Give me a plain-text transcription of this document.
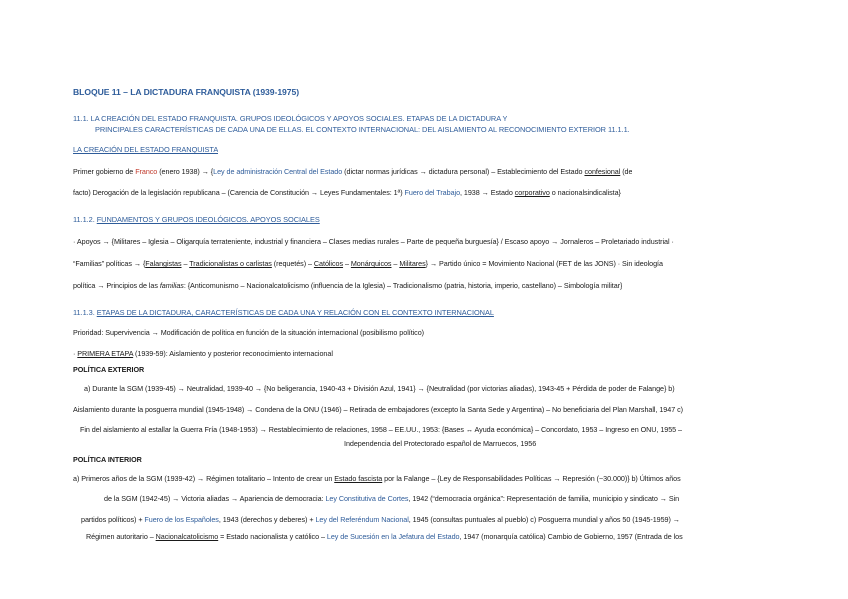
BLOQUE 11 – LA DICTADURA FRANQUISTA (1939-1975)
11.1. LA CREACIÓN DEL ESTADO FRANQUISTA. GRUPOS IDEOLÓGICOS Y APOYOS SOCIALES. ETAPAS DE LA DICTADURA Y
PRINCIPALES CARACTERÍSTICAS DE CADA UNA DE ELLAS. EL CONTEXTO INTERNACIONAL: DEL AISLAMIENTO AL RECONOCIMIENTO EXTERIOR 11.1.1.
LA CREACIÓN DEL ESTADO FRANQUISTA
Primer gobierno de Franco (enero 1938) → {Ley de administración Central del Estado (dictar normas jurídicas → dictadura personal) – Establecimiento del Estado confesional (de
facto) Derogación de la legislación republicana – (Carencia de Constitución → Leyes Fundamentales: 1ª) Fuero del Trabajo, 1938 → Estado corporativo o nacionalsindicalista}
11.1.2. FUNDAMENTOS Y GRUPOS IDEOLÓGICOS. APOYOS SOCIALES
· Apoyos → {Militares – Iglesia – Oligarquía terrateniente, industrial y financiera – Clases medias rurales – Parte de pequeña burguesía} / Escaso apoyo → Jornaleros – Proletariado industrial ·
“Familias” políticas → {Falangistas – Tradicionalistas o carlistas (requetés) – Católicos – Monárquicos – Militares} → Partido único = Movimiento Nacional (FET de las JONS) · Sin ideología
política → Principios de las familias: {Anticomunismo – Nacionalcatolicismo (influencia de la Iglesia) – Tradicionalismo (patria, historia, imperio, castellano) – Simbología militar}
11.1.3. ETAPAS DE LA DICTADURA, CARACTERÍSTICAS DE CADA UNA Y RELACIÓN CON EL CONTEXTO INTERNACIONAL
Prioridad: Supervivencia → Modificación de política en función de la situación internacional (posibilismo político)
· PRIMERA ETAPA (1939-59): Aislamiento y posterior reconocimiento internacional
POLÍTICA EXTERIOR
a) Durante la SGM (1939-45) → Neutralidad, 1939-40 → {No beligerancia, 1940-43 + División Azul, 1941} → {Neutralidad (por victorias aliadas), 1943-45 + Pérdida de poder de Falange} b)
Aislamiento durante la posguerra mundial (1945-1948) → Condena de la ONU (1946) – Retirada de embajadores (excepto la Santa Sede y Argentina) – No beneficiaria del Plan Marshall, 1947 c)
Fin del aislamiento al estallar la Guerra Fría (1948-1953) → Restablecimiento de relaciones, 1958 – EE.UU., 1953: {Bases ↔ Ayuda económica} – Concordato, 1953 – Ingreso en ONU, 1955 –
Independencia del Protectorado español de Marruecos, 1956
POLÍTICA INTERIOR
a) Primeros años de la SGM (1939-42) → Régimen totalitario – Intento de crear un Estado fascista por la Falange – {Ley de Responsabilidades Políticas → Represión (~30.000)} b) Últimos años
de la SGM (1942-45) → Victoria aliadas → Apariencia de democracia: Ley Constitutiva de Cortes, 1942 (“democracia orgánica”: Representación de familia, municipio y sindicato → Sin
partidos políticos) + Fuero de los Españoles, 1943 (derechos y deberes) + Ley del Referéndum Nacional, 1945 (consultas puntuales al pueblo) c) Posguerra mundial y años 50 (1945-1959) →
Régimen autoritario – Nacionalcatolicismo = Estado nacionalista y católico – Ley de Sucesión en la Jefatura del Estado, 1947 (monarquía católica) Cambio de Gobierno, 1957 (Entrada de los
